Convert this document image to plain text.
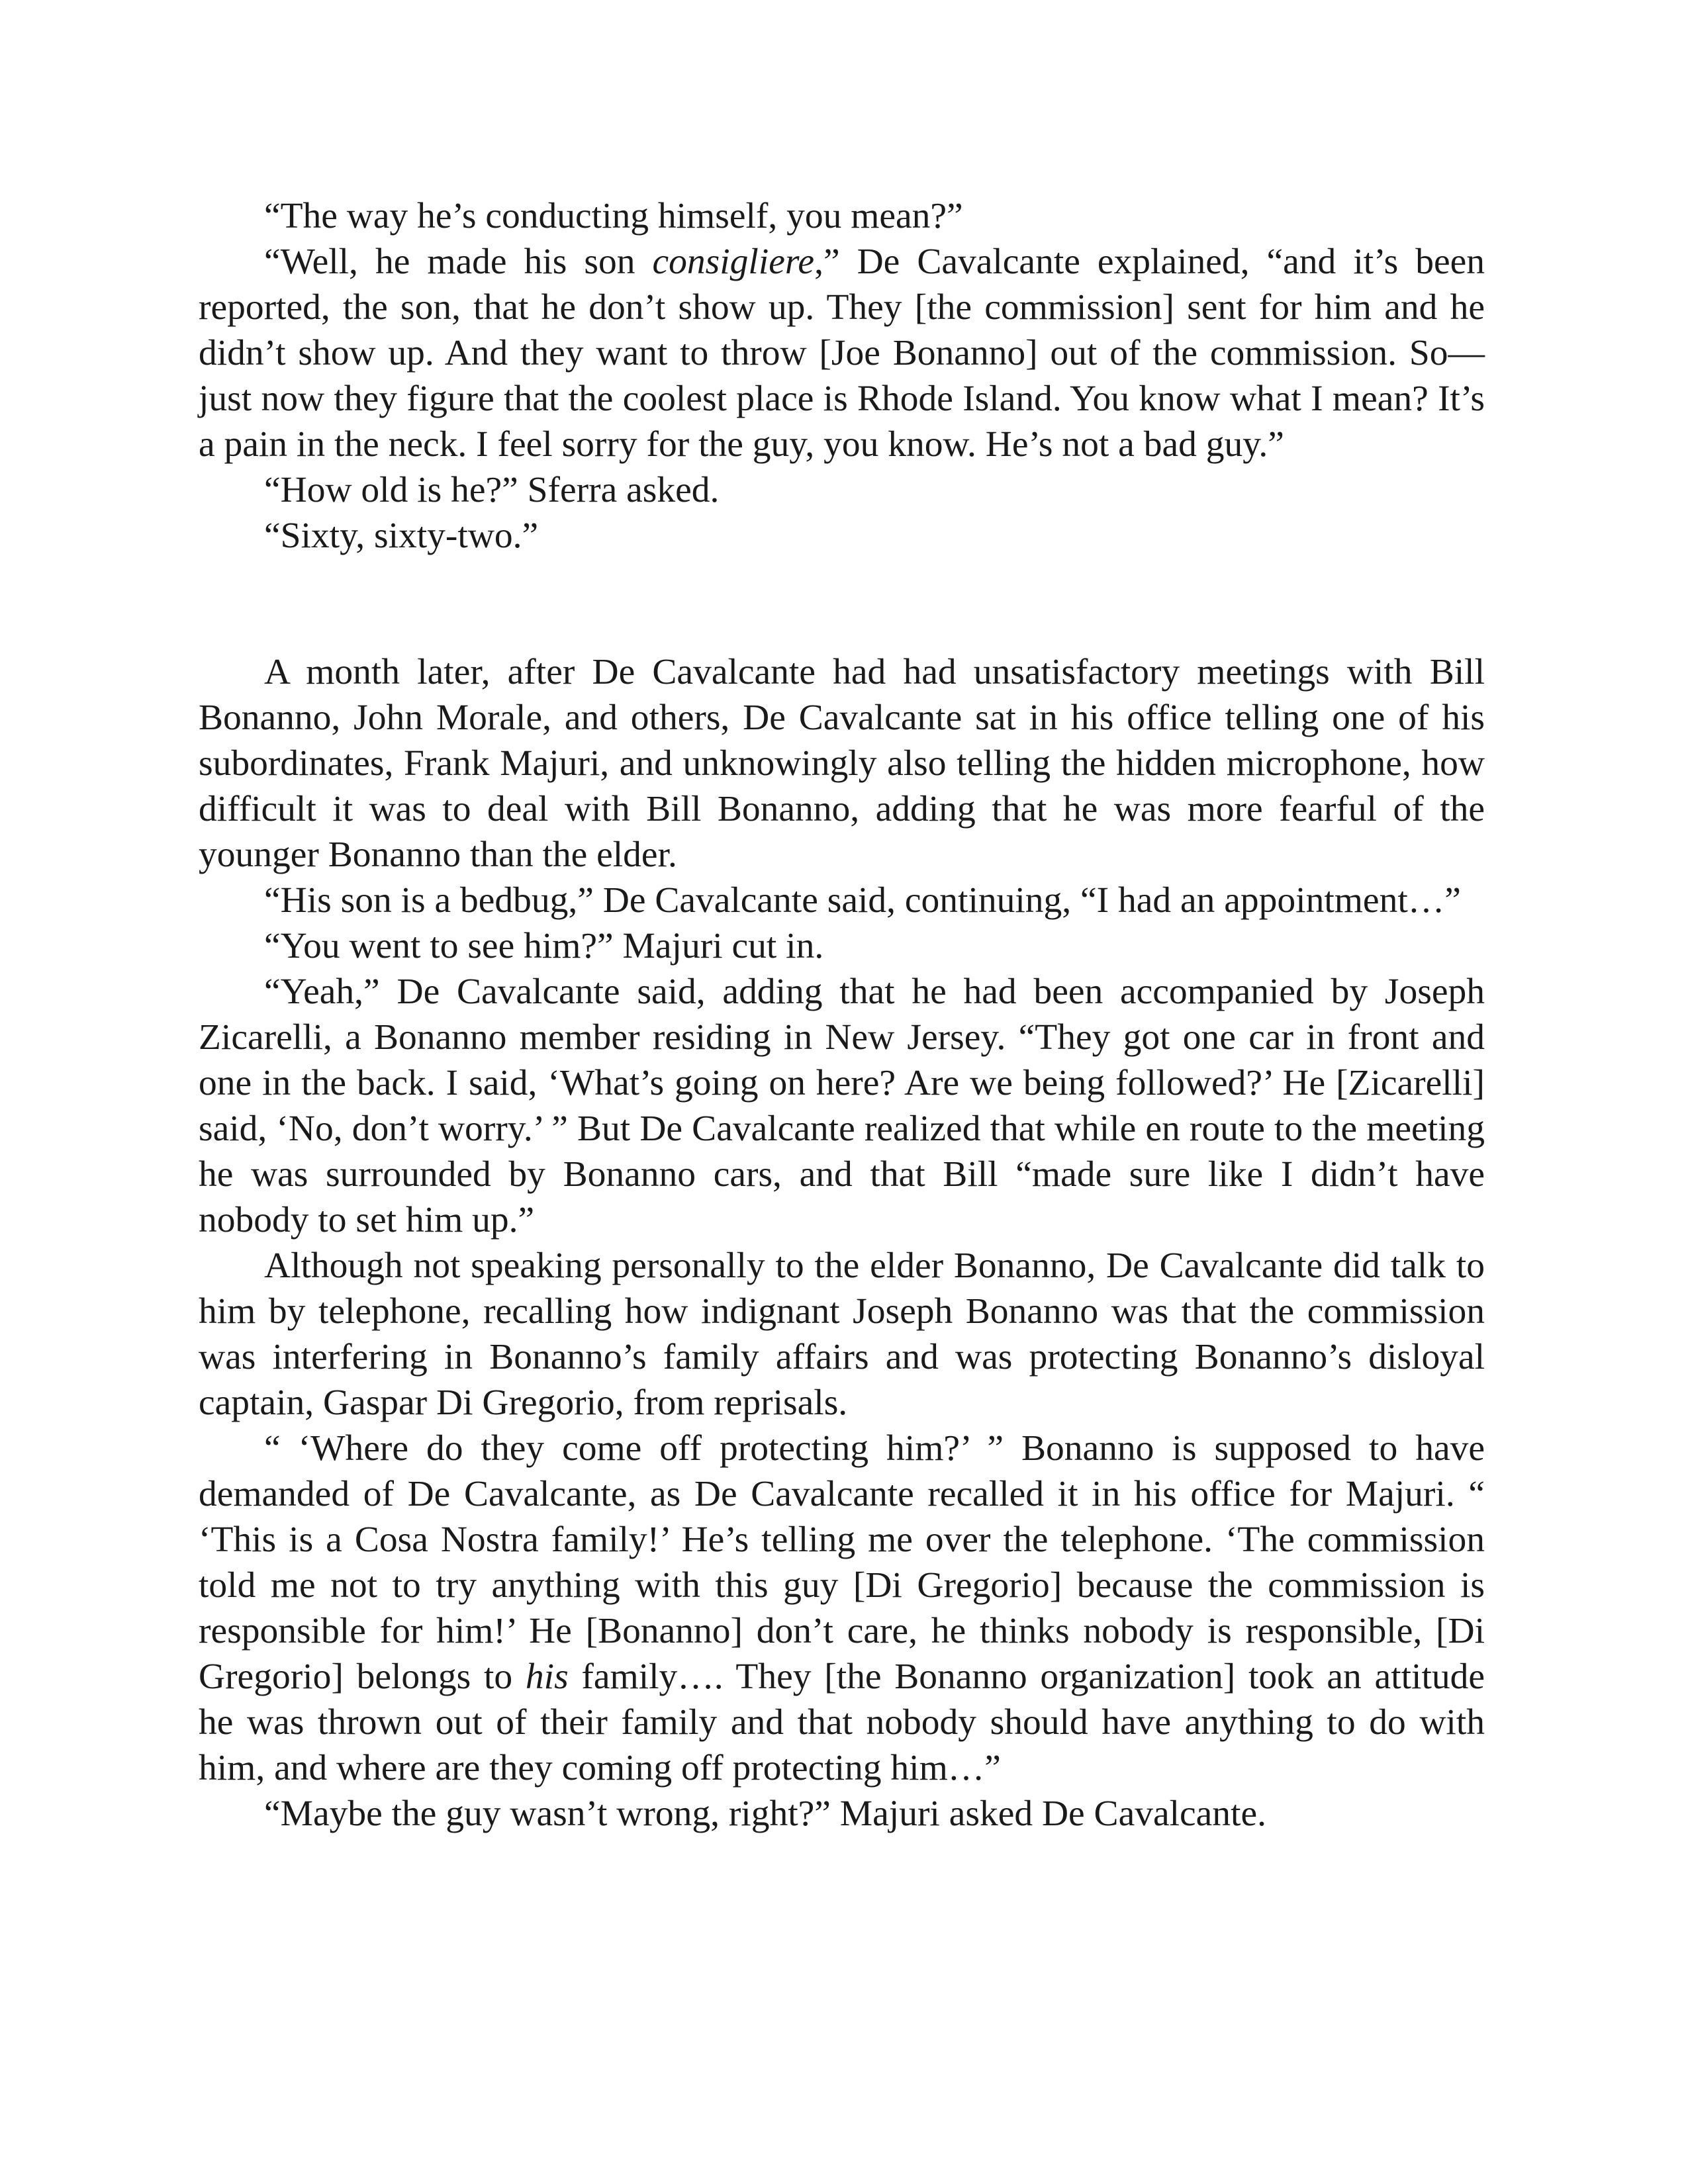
“The way he’s conducting himself, you mean?”

“Well, he made his son consigliere,” De Cavalcante explained, “and it’s been reported, the son, that he don’t show up. They [the commission] sent for him and he didn’t show up. And they want to throw [Joe Bonanno] out of the commission. So—just now they figure that the coolest place is Rhode Island. You know what I mean? It’s a pain in the neck. I feel sorry for the guy, you know. He’s not a bad guy.”

“How old is he?” Sferra asked.

“Sixty, sixty-two.”

A month later, after De Cavalcante had had unsatisfactory meetings with Bill Bonanno, John Morale, and others, De Cavalcante sat in his office telling one of his subordinates, Frank Majuri, and unknowingly also telling the hidden microphone, how difficult it was to deal with Bill Bonanno, adding that he was more fearful of the younger Bonanno than the elder.

“His son is a bedbug,” De Cavalcante said, continuing, “I had an appointment…”

“You went to see him?” Majuri cut in.

“Yeah,” De Cavalcante said, adding that he had been accompanied by Joseph Zicarelli, a Bonanno member residing in New Jersey. “They got one car in front and one in the back. I said, ‘What’s going on here? Are we being followed?’ He [Zicarelli] said, ‘No, don’t worry.’ ” But De Cavalcante realized that while en route to the meeting he was surrounded by Bonanno cars, and that Bill “made sure like I didn’t have nobody to set him up.”

Although not speaking personally to the elder Bonanno, De Cavalcante did talk to him by telephone, recalling how indignant Joseph Bonanno was that the commission was interfering in Bonanno’s family affairs and was protecting Bonanno’s disloyal captain, Gaspar Di Gregorio, from reprisals.

“ ‘Where do they come off protecting him?’ ” Bonanno is supposed to have demanded of De Cavalcante, as De Cavalcante recalled it in his office for Majuri. “ ‘This is a Cosa Nostra family!’ He’s telling me over the telephone. ‘The commission told me not to try anything with this guy [Di Gregorio] because the commission is responsible for him!’ He [Bonanno] don’t care, he thinks nobody is responsible, [Di Gregorio] belongs to his family…. They [the Bonanno organization] took an attitude he was thrown out of their family and that nobody should have anything to do with him, and where are they coming off protecting him…”

“Maybe the guy wasn’t wrong, right?” Majuri asked De Cavalcante.
